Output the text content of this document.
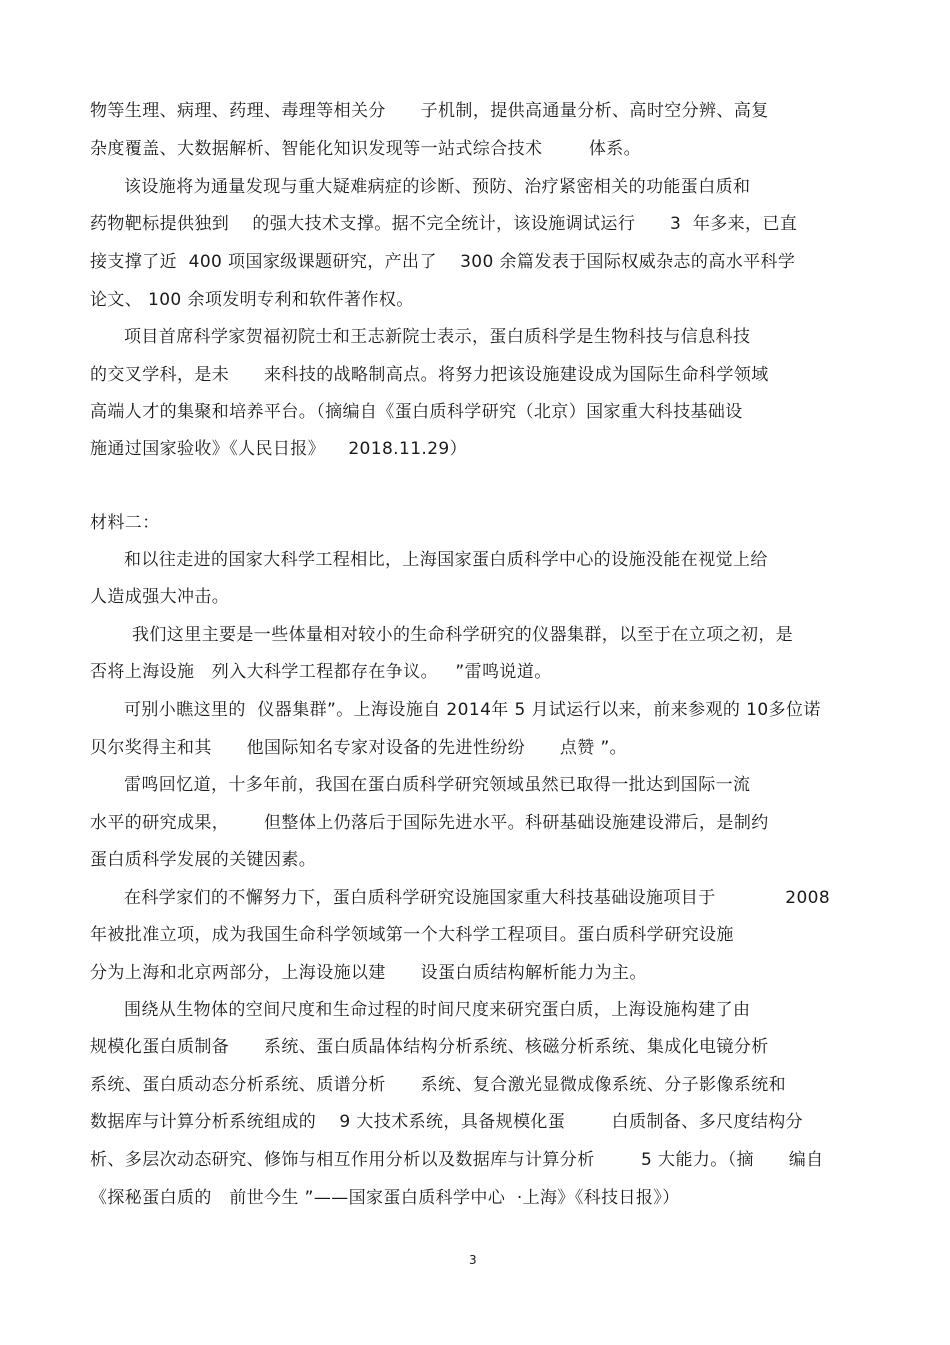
物等生理、病理、药理、毒理等相关分      子机制，提供高通量分析、高时空分辨、高复
杂度覆盖、大数据解析、智能化知识发现等一站式综合技术        体系。
该设施将为通量发现与重大疑难病症的诊断、预防、治疗紧密相关的功能蛋白质和
药物靶标提供独到    的强大技术支撑。据不完全统计，该设施调试运行      3  年多来，已直
接支撑了近  400 项国家级课题研究，产出了    300 余篇发表于国际权威杂志的高水平科学
论文、 100 余项发明专利和软件著作权。
项目首席科学家贺福初院士和王志新院士表示，蛋白质科学是生物科技与信息科技
的交叉学科，是未      来科技的战略制高点。将努力把该设施建设成为国际生命科学领域
高端人才的集聚和培养平台。（摘编自《蛋白质科学研究（北京）国家重大科技基础设
施通过国家验收》《人民日报》    2018.11.29）
材料二：
和以往走进的国家大科学工程相比，上海国家蛋白质科学中心的设施没能在视觉上给
人造成强大冲击。
我们这里主要是一些体量相对较小的生命科学研究的仪器集群，以至于在立项之初，是
否将上海设施   列入大科学工程都存在争议。   ”雷鸣说道。
可别小瞧这里的  仪器集群”。上海设施自 2014年 5 月试运行以来，前来参观的 10多位诺
贝尔奖得主和其      他国际知名专家对设备的先进性纷纷      点赞 ”。
雷鸣回忆道，十多年前，我国在蛋白质科学研究领域虽然已取得一批达到国际一流
水平的研究成果，      但整体上仍落后于国际先进水平。科研基础设施建设滞后，是制约
蛋白质科学发展的关键因素。
在科学家们的不懈努力下，蛋白质科学研究设施国家重大科技基础设施项目于            2008
年被批准立项，成为我国生命科学领域第一个大科学工程项目。蛋白质科学研究设施
分为上海和北京两部分，上海设施以建      设蛋白质结构解析能力为主。
围绕从生物体的空间尺度和生命过程的时间尺度来研究蛋白质，上海设施构建了由
规模化蛋白质制备      系统、蛋白质晶体结构分析系统、核磁分析系统、集成化电镜分析
系统、蛋白质动态分析系统、质谱分析      系统、复合激光显微成像系统、分子影像系统和
数据库与计算分析系统组成的    9 大技术系统，具备规模化蛋        白质制备、多尺度结构分
析、多层次动态研究、修饰与相互作用分析以及数据库与计算分析        5 大能力。（摘      编自
《探秘蛋白质的   前世今生 ”——国家蛋白质科学中心  ·上海》《科技日报》）
3
